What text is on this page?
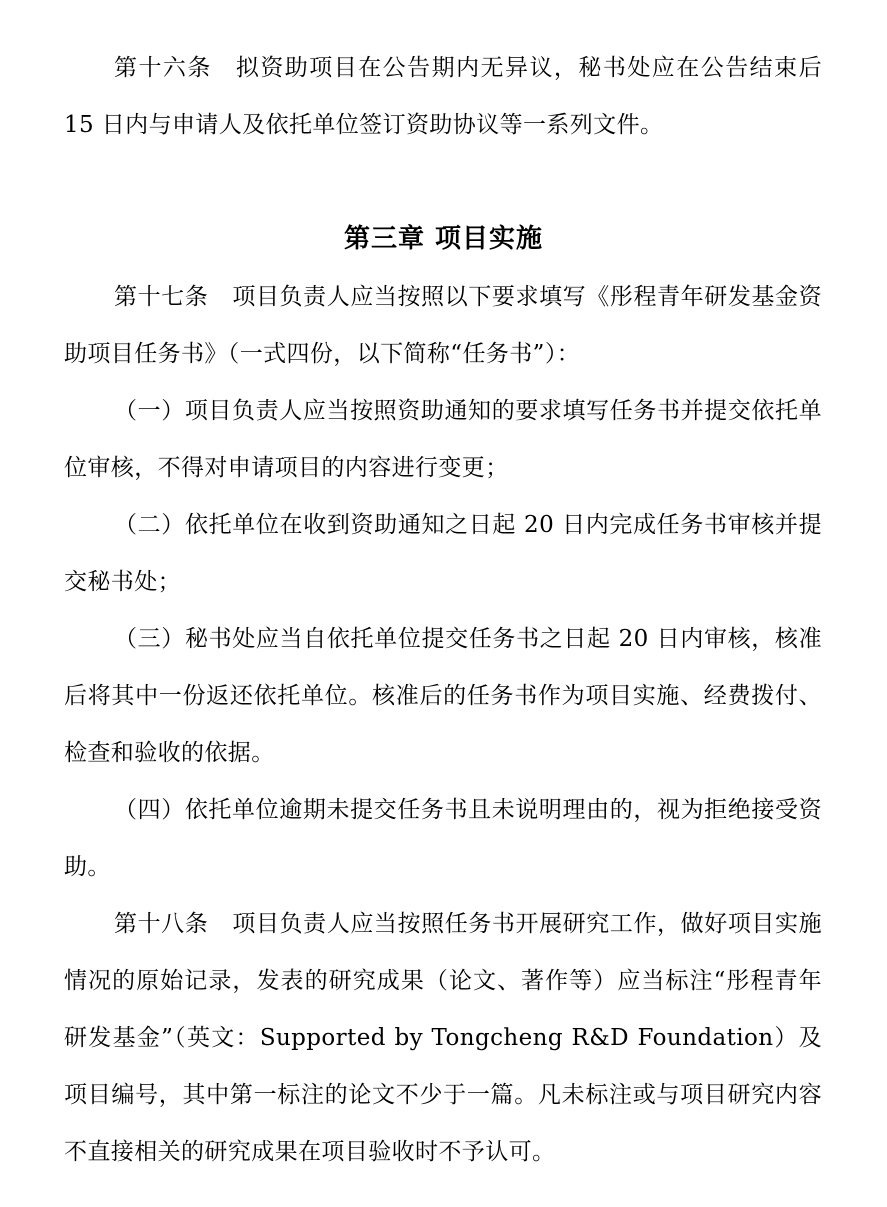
第十六条 拟资助项目在公告期内无异议，秘书处应在公告结束后 15 日内与申请人及依托单位签订资助协议等一系列文件。

第三章 项目实施

第十七条 项目负责人应当按照以下要求填写《彤程青年研发基金资助项目任务书》（一式四份，以下简称“任务书”）：

（一）项目负责人应当按照资助通知的要求填写任务书并提交依托单位审核，不得对申请项目的内容进行变更；

（二）依托单位在收到资助通知之日起 20 日内完成任务书审核并提交秘书处；

（三）秘书处应当自依托单位提交任务书之日起 20 日内审核，核准后将其中一份返还依托单位。核准后的任务书作为项目实施、经费拨付、检查和验收的依据。

（四）依托单位逾期未提交任务书且未说明理由的，视为拒绝接受资助。

第十八条 项目负责人应当按照任务书开展研究工作，做好项目实施情况的原始记录，发表的研究成果（论文、著作等）应当标注“彤程青年研发基金”（英文：Supported by Tongcheng R&D Foundation）及项目编号，其中第一标注的论文不少于一篇。凡未标注或与项目研究内容不直接相关的研究成果在项目验收时不予认可。
